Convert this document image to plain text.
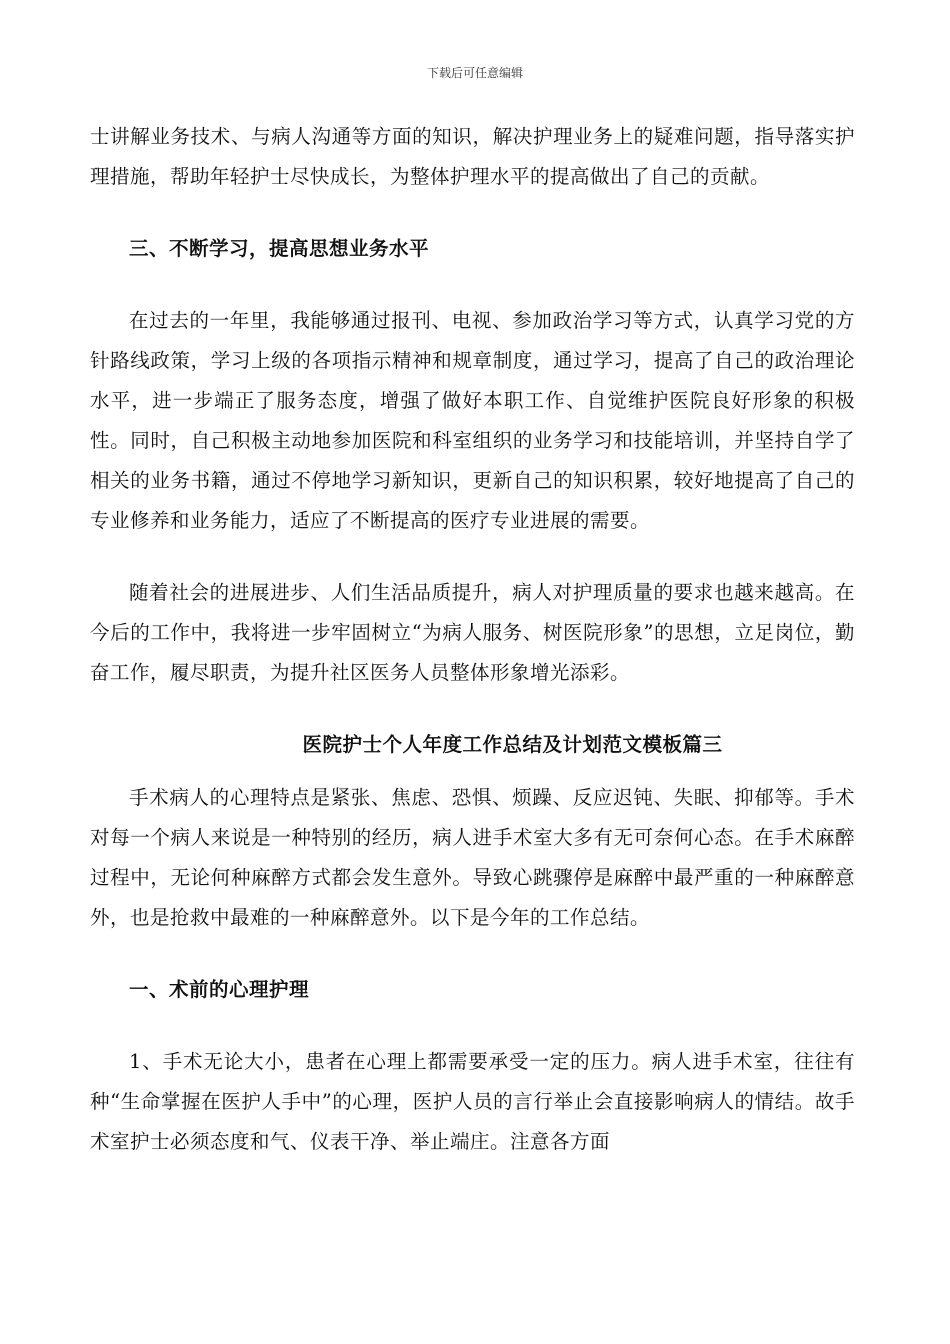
下载后可任意编辑

士讲解业务技术、与病人沟通等方面的知识，解决护理业务上的疑难问题，指导落实护理措施，帮助年轻护士尽快成长，为整体护理水平的提高做出了自己的贡献。

三、不断学习，提高思想业务水平

在过去的一年里，我能够通过报刊、电视、参加政治学习等方式，认真学习党的方针路线政策，学习上级的各项指示精神和规章制度，通过学习，提高了自己的政治理论水平，进一步端正了服务态度，增强了做好本职工作、自觉维护医院良好形象的积极性。同时，自己积极主动地参加医院和科室组织的业务学习和技能培训，并坚持自学了相关的业务书籍，通过不停地学习新知识，更新自己的知识积累，较好地提高了自己的专业修养和业务能力，适应了不断提高的医疗专业进展的需要。

随着社会的进展进步、人们生活品质提升，病人对护理质量的要求也越来越高。在今后的工作中，我将进一步牢固树立“为病人服务、树医院形象”的思想，立足岗位，勤奋工作，履尽职责，为提升社区医务人员整体形象增光添彩。

医院护士个人年度工作总结及计划范文模板篇三

手术病人的心理特点是紧张、焦虑、恐惧、烦躁、反应迟钝、失眠、抑郁等。手术对每一个病人来说是一种特别的经历，病人进手术室大多有无可奈何心态。在手术麻醉过程中，无论何种麻醉方式都会发生意外。导致心跳骤停是麻醉中最严重的一种麻醉意外，也是抢救中最难的一种麻醉意外。以下是今年的工作总结。

一、术前的心理护理

1、手术无论大小，患者在心理上都需要承受一定的压力。病人进手术室，往往有种“生命掌握在医护人手中”的心理，医护人员的言行举止会直接影响病人的情结。故手术室护士必须态度和气、仪表干净、举止端庄。注意各方面
